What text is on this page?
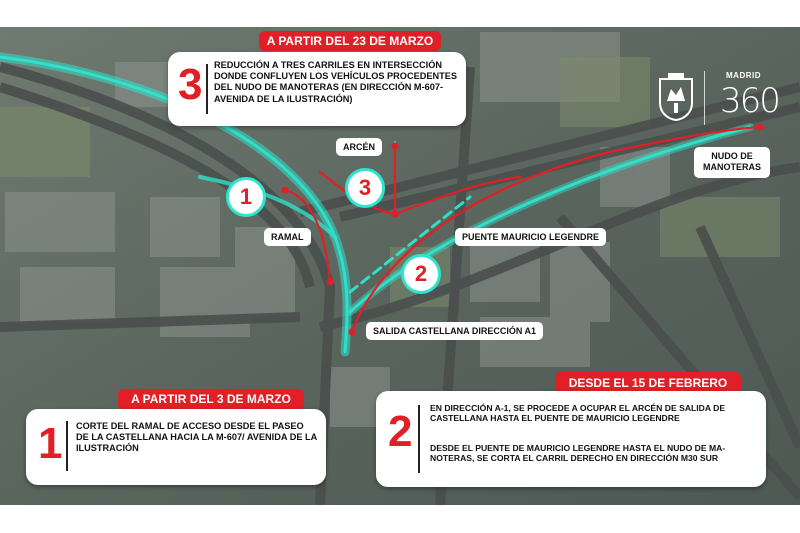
ARCÉN
RAMAL	PUENTE MAURICIO LEGENDRE
SALIDA CASTELLANA DIRECCIÓN A1
NUDO DE MANOTERAS
1	3
2
MADRID
360
A PARTIR DEL 23 DE MARZO
3 REDUCCIÓN A TRES CARRILES EN INTERSECCIÓN DONDE CONFLUYEN LOS VEHÍCULOS PROCEDENTES DEL NUDO DE MANOTERAS (EN DIRECCIÓN M-607-AVENIDA DE LA ILUSTRACIÓN)
A PARTIR DEL 3 DE MARZO
1 CORTE DEL RAMAL DE ACCESO DESDE EL PASEO DE LA CASTELLANA HACIA LA M-607/ AVENIDA DE LA ILUSTRACIÓN
DESDE EL 15 DE FEBRERO
2 EN DIRECCIÓN A-1, SE PROCEDE A OCUPAR EL ARCÉN DE SALIDA DE CASTELLANA HASTA EL PUENTE DE MAURICIO LEGENDRE
DESDE EL PUENTE DE MAURICIO LEGENDRE HASTA EL NUDO DE MA-NOTERAS, SE CORTA EL CARRIL DERECHO EN DIRECCIÓN M30 SUR
